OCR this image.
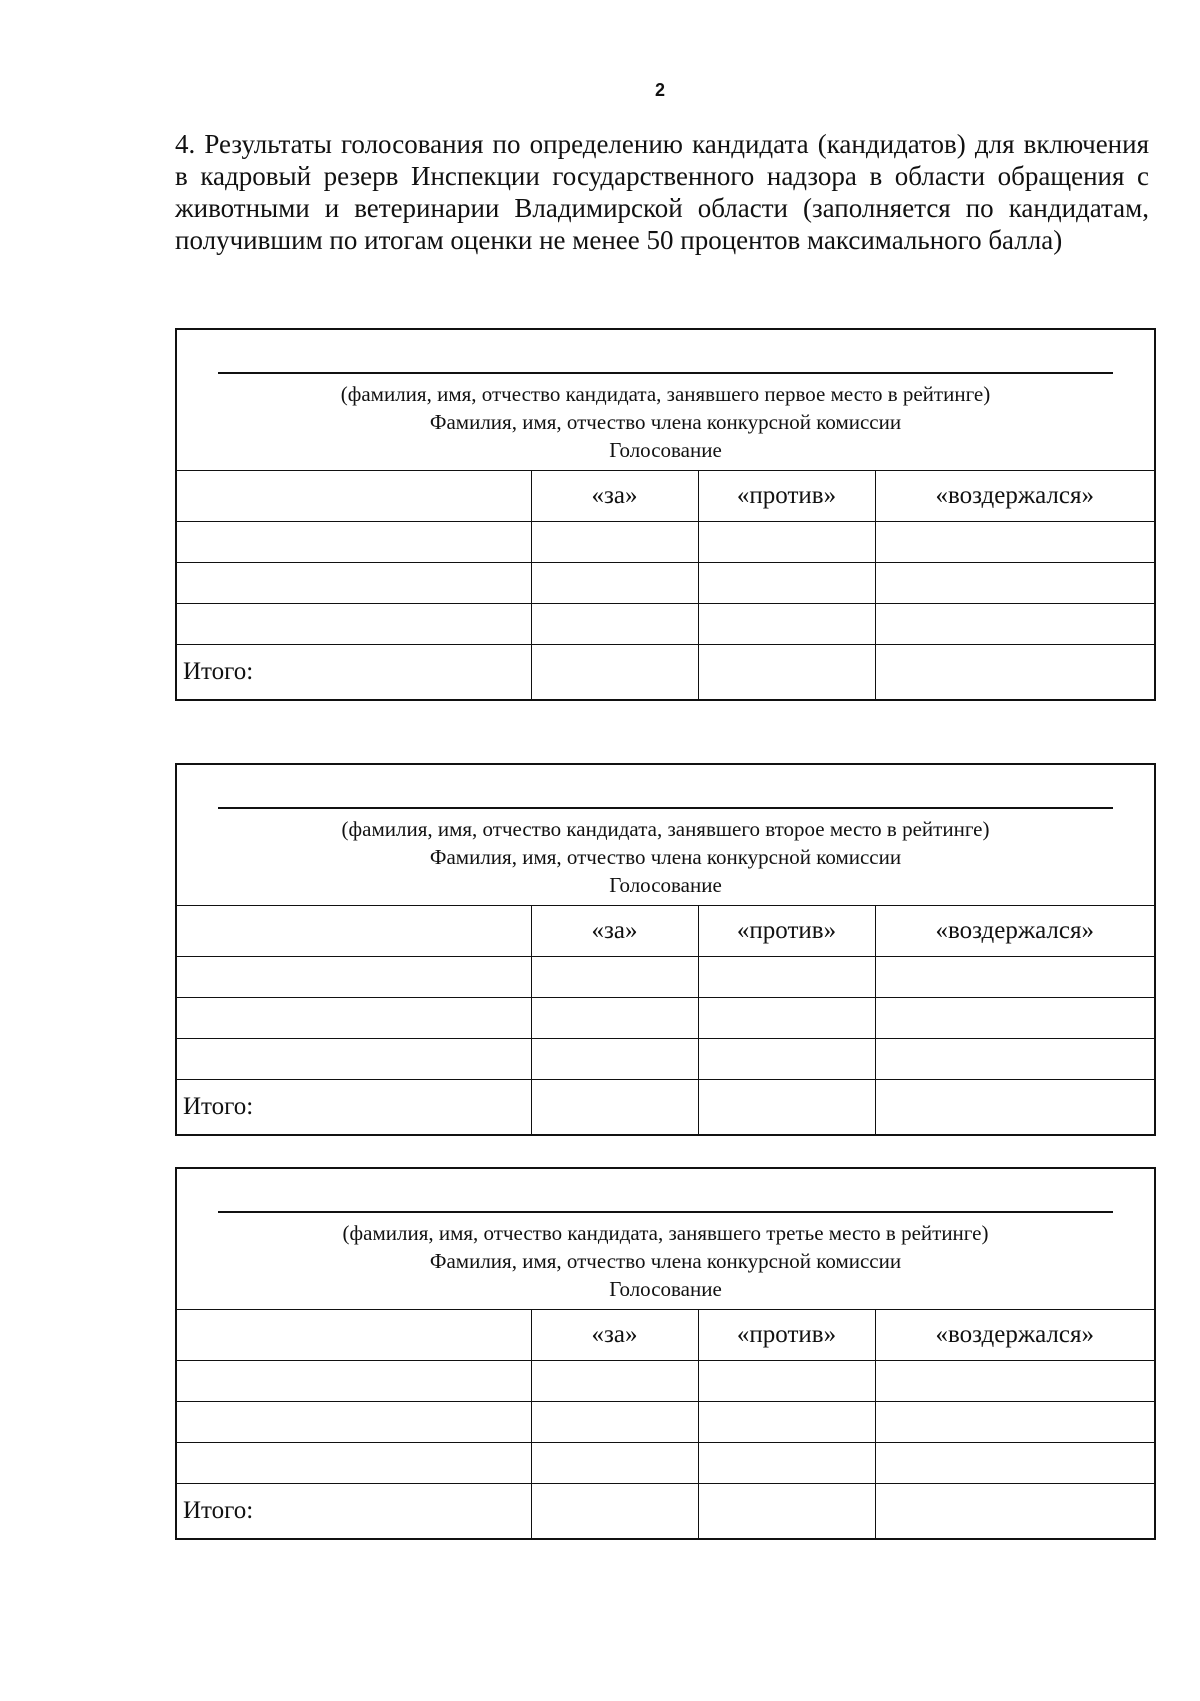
2
4. Результаты голосования по определению кандидата (кандидатов) для включения в кадровый резерв Инспекции государственного надзора в области обращения с животными и ветеринарии Владимирской области (заполняется по кандидатам, получившим по итогам оценки не менее 50 процентов максимального балла)
(фамилия, имя, отчество кандидата, занявшего первое место в рейтинге)
Фамилия, имя, отчество члена конкурсной комиссии
Голосование			

	«за»	«против»	«воздержался»

Итого:			
(фамилия, имя, отчество кандидата, занявшего второе место в рейтинге)
Фамилия, имя, отчество члена конкурсной комиссии
Голосование			

	«за»	«против»	«воздержался»

Итого:			
(фамилия, имя, отчество кандидата, занявшего третье место в рейтинге)
Фамилия, имя, отчество члена конкурсной комиссии
Голосование			

	«за»	«против»	«воздержался»

Итого:			
